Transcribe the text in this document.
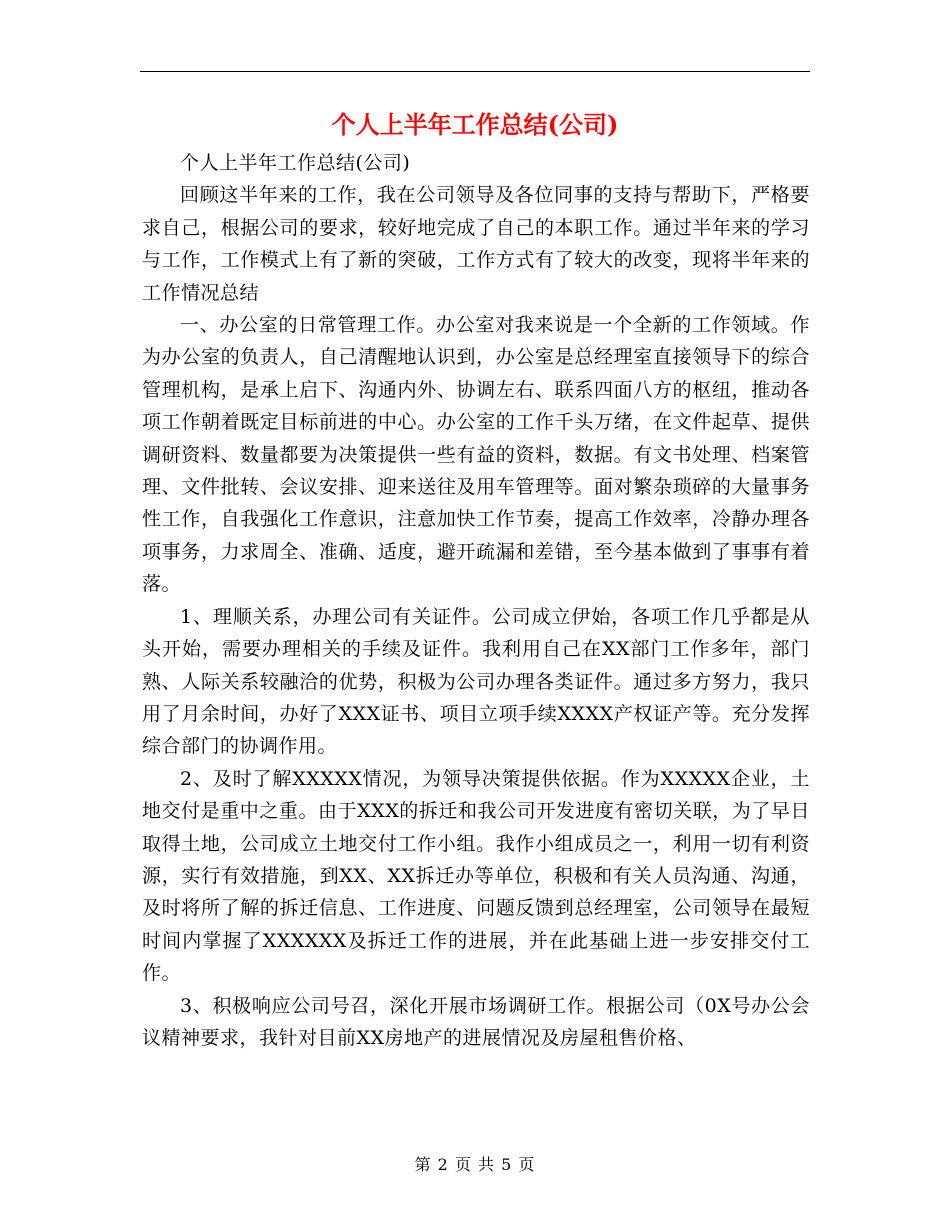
个人上半年工作总结(公司)

个人上半年工作总结(公司)

回顾这半年来的工作，我在公司领导及各位同事的支持与帮助下，严格要求自己，根据公司的要求，较好地完成了自己的本职工作。通过半年来的学习与工作，工作模式上有了新的突破，工作方式有了较大的改变，现将半年来的工作情况总结

一、办公室的日常管理工作。办公室对我来说是一个全新的工作领域。作为办公室的负责人，自己清醒地认识到，办公室是总经理室直接领导下的综合管理机构，是承上启下、沟通内外、协调左右、联系四面八方的枢纽，推动各项工作朝着既定目标前进的中心。办公室的工作千头万绪，在文件起草、提供调研资料、数量都要为决策提供一些有益的资料，数据。有文书处理、档案管理、文件批转、会议安排、迎来送往及用车管理等。面对繁杂琐碎的大量事务性工作，自我强化工作意识，注意加快工作节奏，提高工作效率，冷静办理各项事务，力求周全、准确、适度，避开疏漏和差错，至今基本做到了事事有着落。

1、理顺关系，办理公司有关证件。公司成立伊始，各项工作几乎都是从头开始，需要办理相关的手续及证件。我利用自己在XX部门工作多年，部门熟、人际关系较融洽的优势，积极为公司办理各类证件。通过多方努力，我只用了月余时间，办好了XXX证书、项目立项手续XXXX产权证产等。充分发挥综合部门的协调作用。

2、及时了解XXXXX情况，为领导决策提供依据。作为XXXXX企业，土地交付是重中之重。由于XXX的拆迁和我公司开发进度有密切关联，为了早日取得土地，公司成立土地交付工作小组。我作小组成员之一，利用一切有利资源，实行有效措施，到XX、XX拆迁办等单位，积极和有关人员沟通、沟通，及时将所了解的拆迁信息、工作进度、问题反馈到总经理室，公司领导在最短时间内掌握了XXXXXX及拆迁工作的进展，并在此基础上进一步安排交付工作。

3、积极响应公司号召，深化开展市场调研工作。根据公司（0X号办公会议精神要求，我针对目前XX房地产的进展情况及房屋租售价格、

第 2 页 共 5 页
